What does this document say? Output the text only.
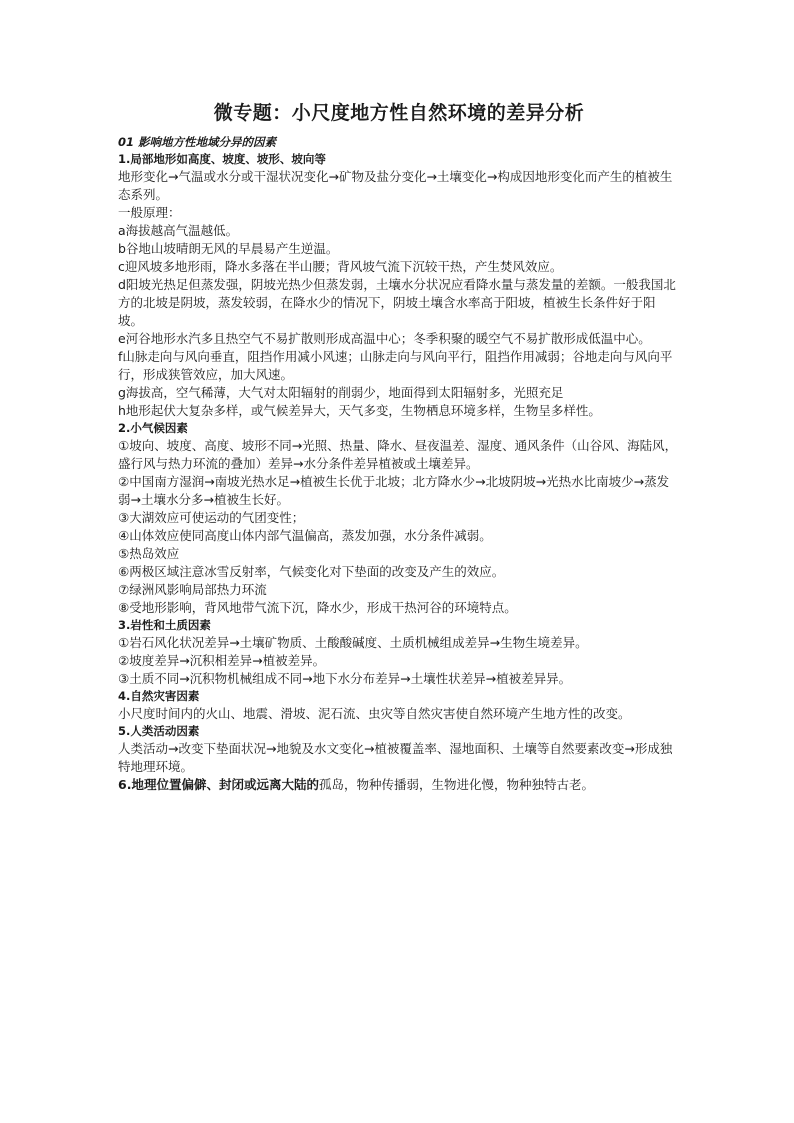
微专题：小尺度地方性自然环境的差异分析

01 影响地方性地域分异的因素

1.局部地形如高度、坡度、坡形、坡向等

地形变化→气温或水分或干湿状况变化→矿物及盐分变化→土壤变化→构成因地形变化而产生的植被生态系列。

一般原理：

a海拔越高气温越低。

b谷地山坡晴朗无风的早晨易产生逆温。

c迎风坡多地形雨，降水多落在半山腰；背风坡气流下沉较干热，产生焚风效应。

d阳坡光热足但蒸发强，阴坡光热少但蒸发弱，土壤水分状况应看降水量与蒸发量的差额。一般我国北方的北坡是阴坡，蒸发较弱，在降水少的情况下，阴坡土壤含水率高于阳坡，植被生长条件好于阳坡。

e河谷地形水汽多且热空气不易扩散则形成高温中心；冬季积聚的暖空气不易扩散形成低温中心。

f山脉走向与风向垂直，阻挡作用减小风速；山脉走向与风向平行，阻挡作用减弱；谷地走向与风向平行，形成狭管效应，加大风速。

g海拔高，空气稀薄，大气对太阳辐射的削弱少，地面得到太阳辐射多，光照充足

h地形起伏大复杂多样，或气候差异大，天气多变，生物栖息环境多样，生物呈多样性。

2.小气候因素

①坡向、坡度、高度、坡形不同→光照、热量、降水、昼夜温差、湿度、通风条件（山谷风、海陆风，盛行风与热力环流的叠加）差异→水分条件差异植被或土壤差异。

②中国南方湿润→南坡光热水足→植被生长优于北坡；北方降水少→北坡阴坡→光热水比南坡少→蒸发弱→土壤水分多→植被生长好。

③大湖效应可使运动的气团变性；

④山体效应使同高度山体内部气温偏高，蒸发加强，水分条件减弱。

⑤热岛效应

⑥两极区域注意冰雪反射率，气候变化对下垫面的改变及产生的效应。

⑦绿洲风影响局部热力环流

⑧受地形影响，背风地带气流下沉，降水少，形成干热河谷的环境特点。

3.岩性和土质因素

①岩石风化状况差异→土壤矿物质、土酸酸碱度、土质机械组成差异→生物生境差异。

②坡度差异→沉积相差异→植被差异。

③土质不同→沉积物机械组成不同→地下水分布差异→土壤性状差异→植被差异异。

4.自然灾害因素

小尺度时间内的火山、地震、滑坡、泥石流、虫灾等自然灾害使自然环境产生地方性的改变。

5.人类活动因素

人类活动→改变下垫面状况→地貌及水文变化→植被覆盖率、湿地面积、土壤等自然要素改变→形成独特地理环境。

6.地理位置偏僻、封闭或远离大陆的孤岛，物种传播弱，生物进化慢，物种独特古老。
